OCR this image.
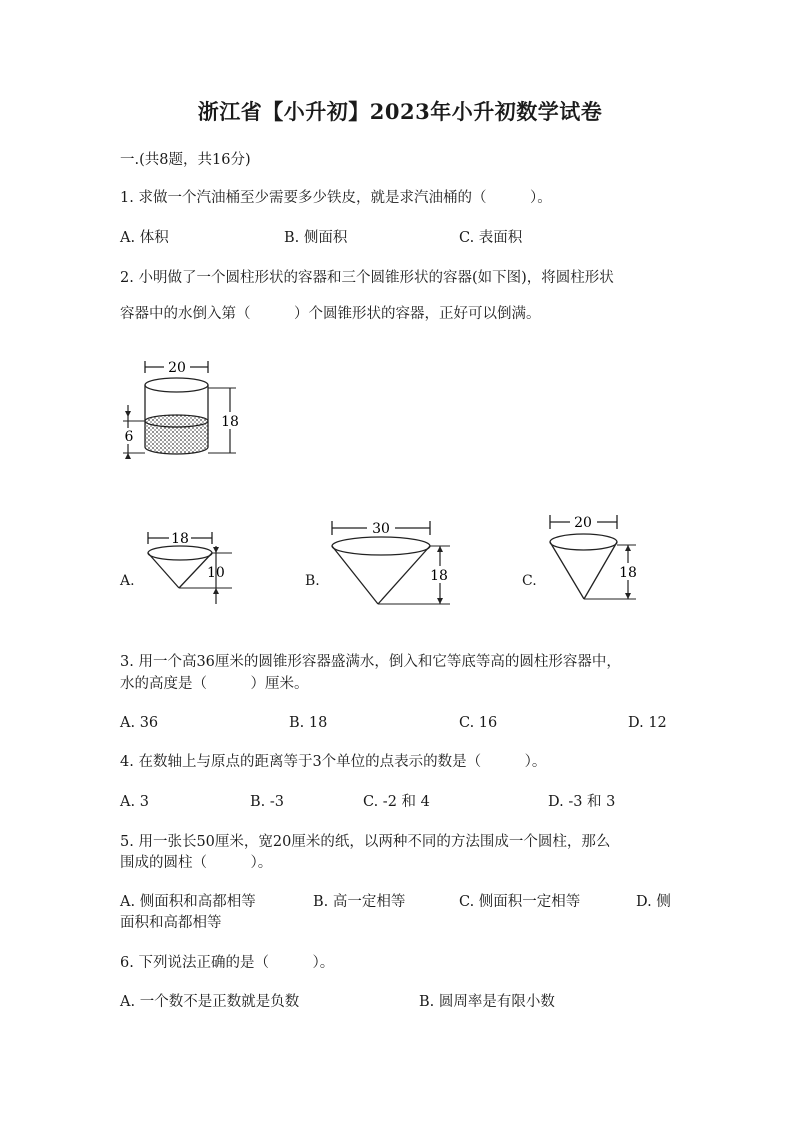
浙江省【小升初】2023年小升初数学试卷
一.(共8题，共16分)
1. 求做一个汽油桶至少需要多少铁皮，就是求汽油桶的（　　　）。
A. 体积	B. 侧面积	C. 表面积
2. 小明做了一个圆柱形状的容器和三个圆锥形状的容器(如下图)，将圆柱形状
容器中的水倒入第（　　　）个圆锥形状的容器，正好可以倒满。
20
18
6
A.
18
10	B.
30
18	C.
20
18
3. 用一个高36厘米的圆锥形容器盛满水，倒入和它等底等高的圆柱形容器中，
水的高度是（　　　）厘米。
A. 36	B. 18	C. 16	D. 12
4. 在数轴上与原点的距离等于3个单位的点表示的数是（　　　）。
A. 3	B. -3	C. -2 和 4	D. -3 和 3
5. 用一张长50厘米，宽20厘米的纸，以两种不同的方法围成一个圆柱，那么
围成的圆柱（　　　）。
A. 侧面积和高都相等	B. 高一定相等	C. 侧面积一定相等	D. 侧
面积和高都相等
6. 下列说法正确的是（　　　）。
A. 一个数不是正数就是负数	B. 圆周率是有限小数
